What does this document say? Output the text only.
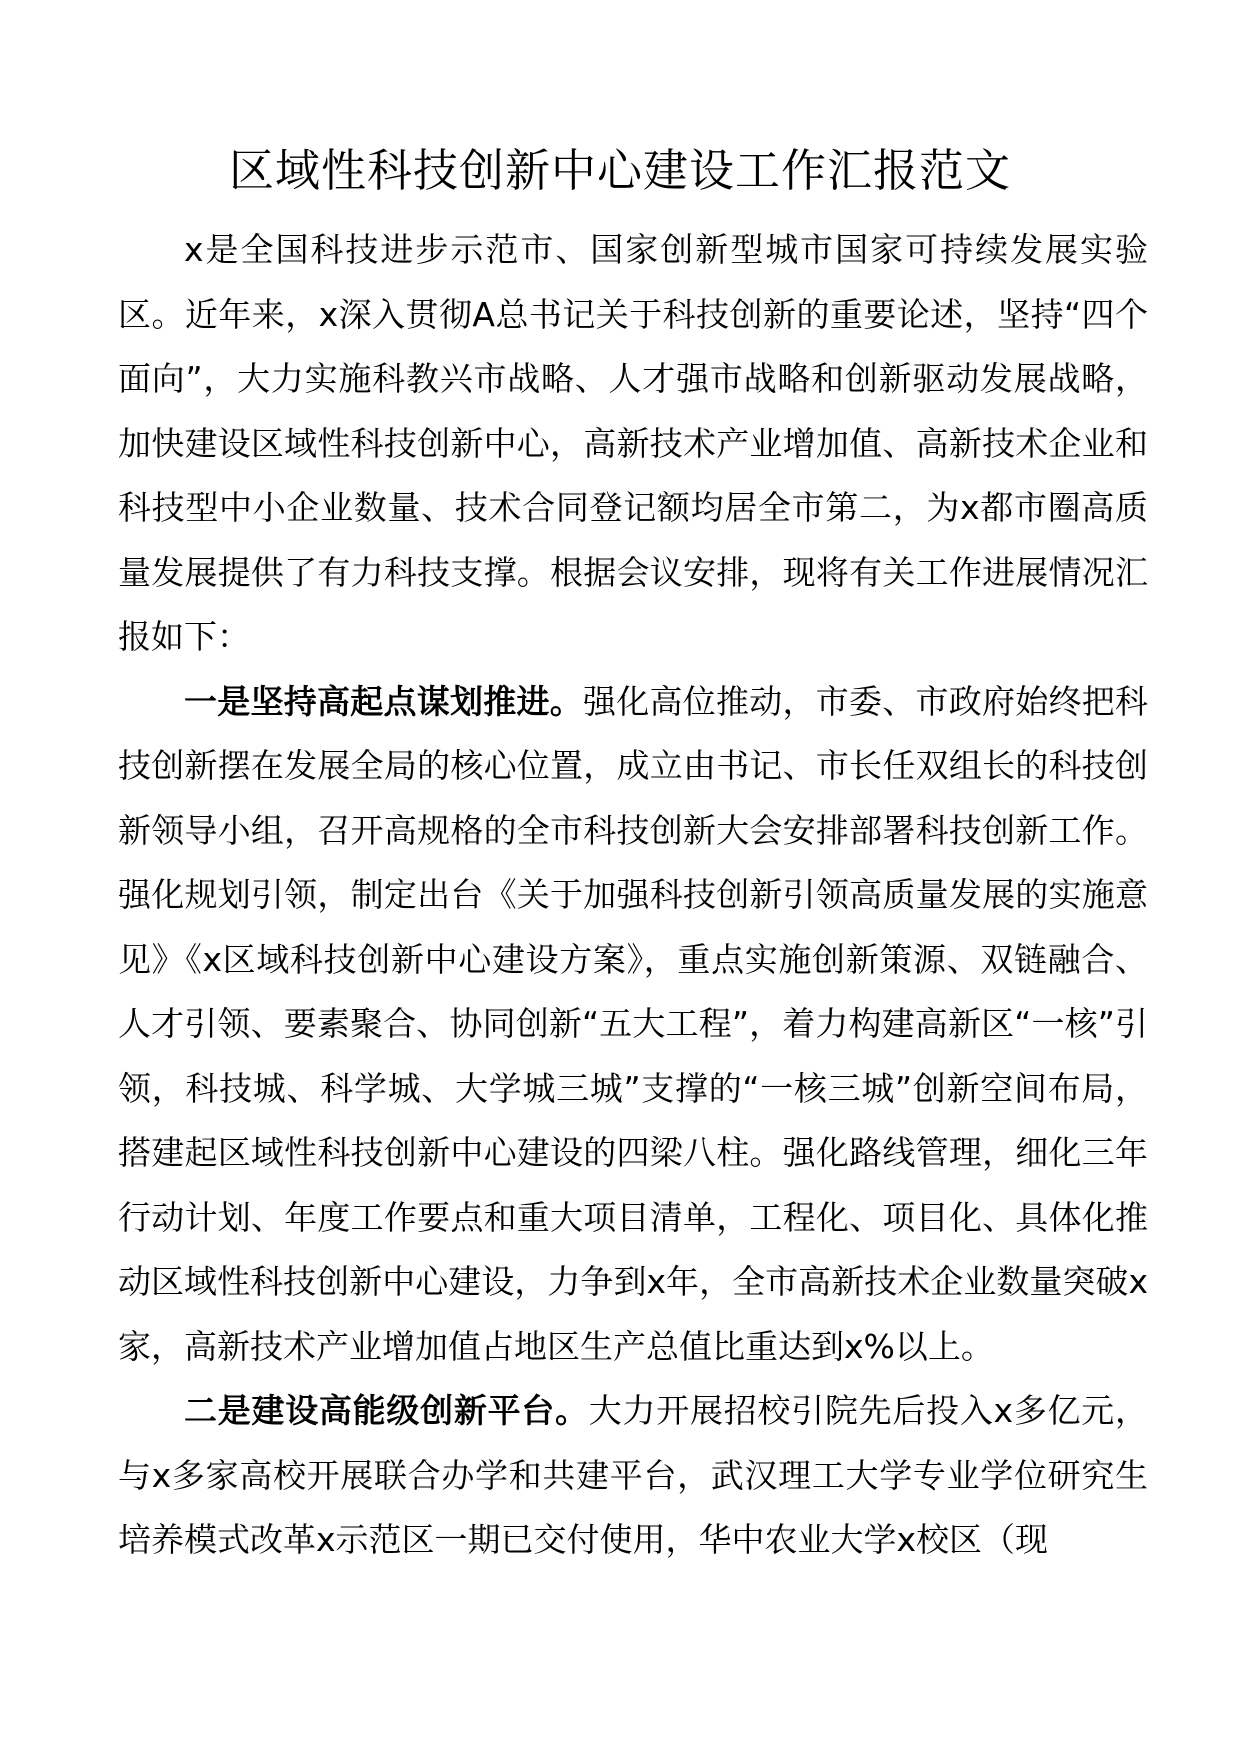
区域性科技创新中心建设工作汇报范文

x是全国科技进步示范市、国家创新型城市国家可持续发展实验区。近年来，x深入贯彻A总书记关于科技创新的重要论述，坚持“四个面向”，大力实施科教兴市战略、人才强市战略和创新驱动发展战略，加快建设区域性科技创新中心，高新技术产业增加值、高新技术企业和科技型中小企业数量、技术合同登记额均居全市第二，为x都市圈高质量发展提供了有力科技支撑。根据会议安排，现将有关工作进展情况汇报如下：

一是坚持高起点谋划推进。强化高位推动，市委、市政府始终把科技创新摆在发展全局的核心位置，成立由书记、市长任双组长的科技创新领导小组，召开高规格的全市科技创新大会安排部署科技创新工作。强化规划引领，制定出台《关于加强科技创新引领高质量发展的实施意见》《x区域科技创新中心建设方案》，重点实施创新策源、双链融合、人才引领、要素聚合、协同创新“五大工程”，着力构建高新区“一核”引领，科技城、科学城、大学城三城”支撑的“一核三城”创新空间布局，搭建起区域性科技创新中心建设的四梁八柱。强化路线管理，细化三年行动计划、年度工作要点和重大项目清单，工程化、项目化、具体化推动区域性科技创新中心建设，力争到x年，全市高新技术企业数量突破x家，高新技术产业增加值占地区生产总值比重达到x%以上。

二是建设高能级创新平台。大力开展招校引院先后投入x多亿元，与x多家高校开展联合办学和共建平台，武汉理工大学专业学位研究生培养模式改革x示范区一期已交付使用，华中农业大学x校区（现
